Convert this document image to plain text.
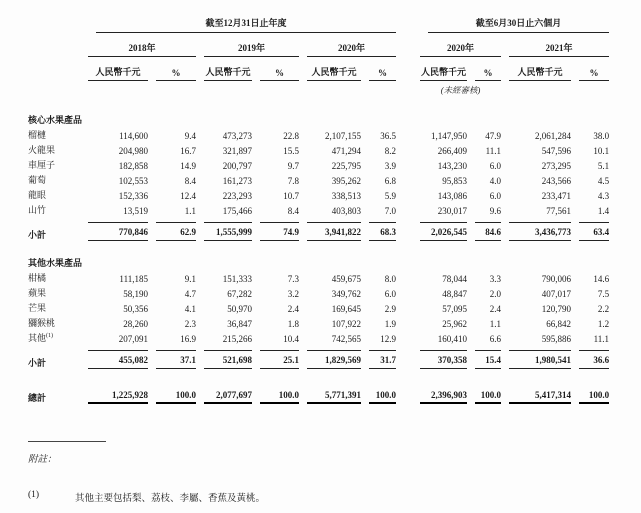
	截至12月31日止年度						截至6月30日止六個月			

	2018年		2019年		2020年		2020年		2021年	

	人民幣千元	%	人民幣千元	%	人民幣千元	%	人民幣千元	%	人民幣千元	%

							(未經審核)			

核心水果產品										
榴槤	114,600	9.4	473,273	22.8	2,107,155	36.5	1,147,950	47.9	2,061,284	38.0

火龍果	204,980	16.7	321,897	15.5	471,294	8.2	266,409	11.1	547,596	10.1

車厘子	182,858	14.9	200,797	9.7	225,795	3.9	143,230	6.0	273,295	5.1

葡萄	102,553	8.4	161,273	7.8	395,262	6.8	95,853	4.0	243,566	4.5

龍眼	152,336	12.4	223,293	10.7	338,513	5.9	143,086	6.0	233,471	4.3

山竹	13,519	1.1	175,466	8.4	403,803	7.0	230,017	9.6	77,561	1.4

小計	770,846	62.9	1,555,999	74.9	3,941,822	68.3	2,026,545	84.6	3,436,773	63.4

其他水果產品										
柑橘	111,185	9.1	151,333	7.3	459,675	8.0	78,044	3.3	790,006	14.6

蘋果	58,190	4.7	67,282	3.2	349,762	6.0	48,847	2.0	407,017	7.5

芒果	50,356	4.1	50,970	2.4	169,645	2.9	57,095	2.4	120,790	2.2

獼猴桃	28,260	2.3	36,847	1.8	107,922	1.9	25,962	1.1	66,842	1.2

其他$^{(1)}$	207,091	16.9	215,266	10.4	742,565	12.9	160,410	6.6	595,886	11.1

小計	455,082	37.1	521,698	25.1	1,829,569	31.7	370,358	15.4	1,980,541	36.6

總計	1,225,928	100.0	2,077,697	100.0	5,771,391	100.0	2,396,903	100.0	5,417,314	100.0
附註：
(1)	其他主要包括梨、荔枝、李屬、香蕉及黃桃。
